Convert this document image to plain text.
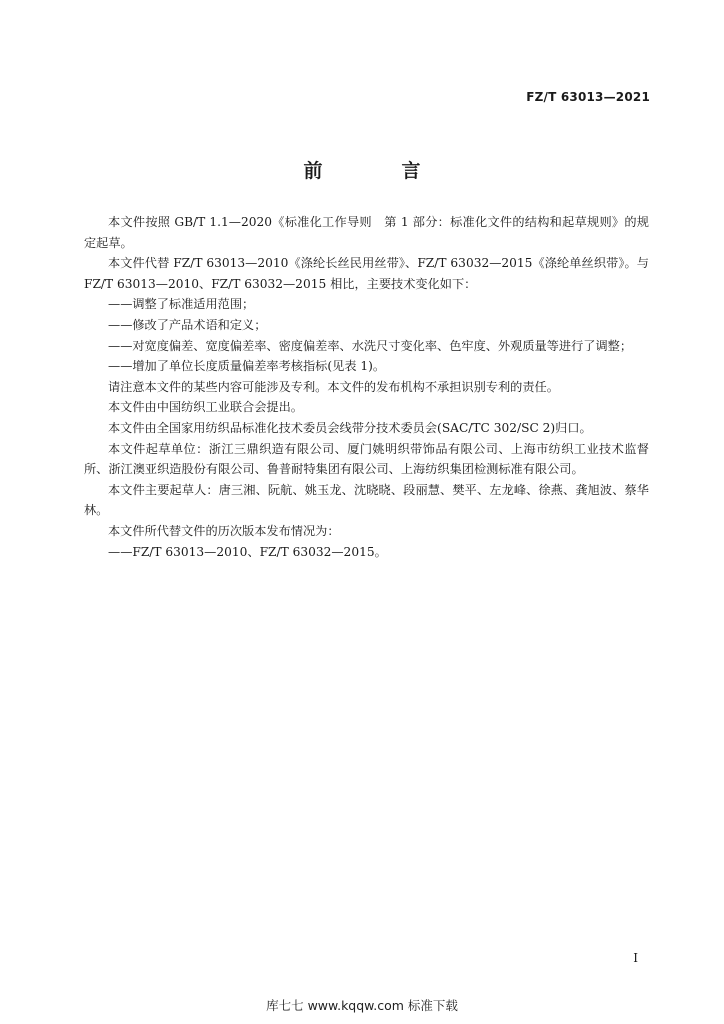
FZ/T 63013—2021
前　言

本文件按照 GB/T 1.1—2020《标准化工作导则　第 1 部分：标准化文件的结构和起草规则》的规定起草。

本文件代替 FZ/T 63013—2010《涤纶长丝民用丝带》、FZ/T 63032—2015《涤纶单丝织带》。与 FZ/T 63013—2010、FZ/T 63032—2015 相比，主要技术变化如下：

——调整了标准适用范围；

——修改了产品术语和定义；

——对宽度偏差、宽度偏差率、密度偏差率、水洗尺寸变化率、色牢度、外观质量等进行了调整；

——增加了单位长度质量偏差率考核指标(见表 1)。

请注意本文件的某些内容可能涉及专利。本文件的发布机构不承担识别专利的责任。

本文件由中国纺织工业联合会提出。

本文件由全国家用纺织品标准化技术委员会线带分技术委员会(SAC/TC 302/SC 2)归口。

本文件起草单位：浙江三鼎织造有限公司、厦门姚明织带饰品有限公司、上海市纺织工业技术监督所、浙江澳亚织造股份有限公司、鲁普耐特集团有限公司、上海纺织集团检测标准有限公司。

本文件主要起草人：唐三湘、阮航、姚玉龙、沈晓晓、段丽慧、樊平、左龙峰、徐燕、龚旭波、蔡华林。

本文件所代替文件的历次版本发布情况为：

——FZ/T 63013—2010、FZ/T 63032—2015。

I
库七七 www.kqqw.com 标准下载
